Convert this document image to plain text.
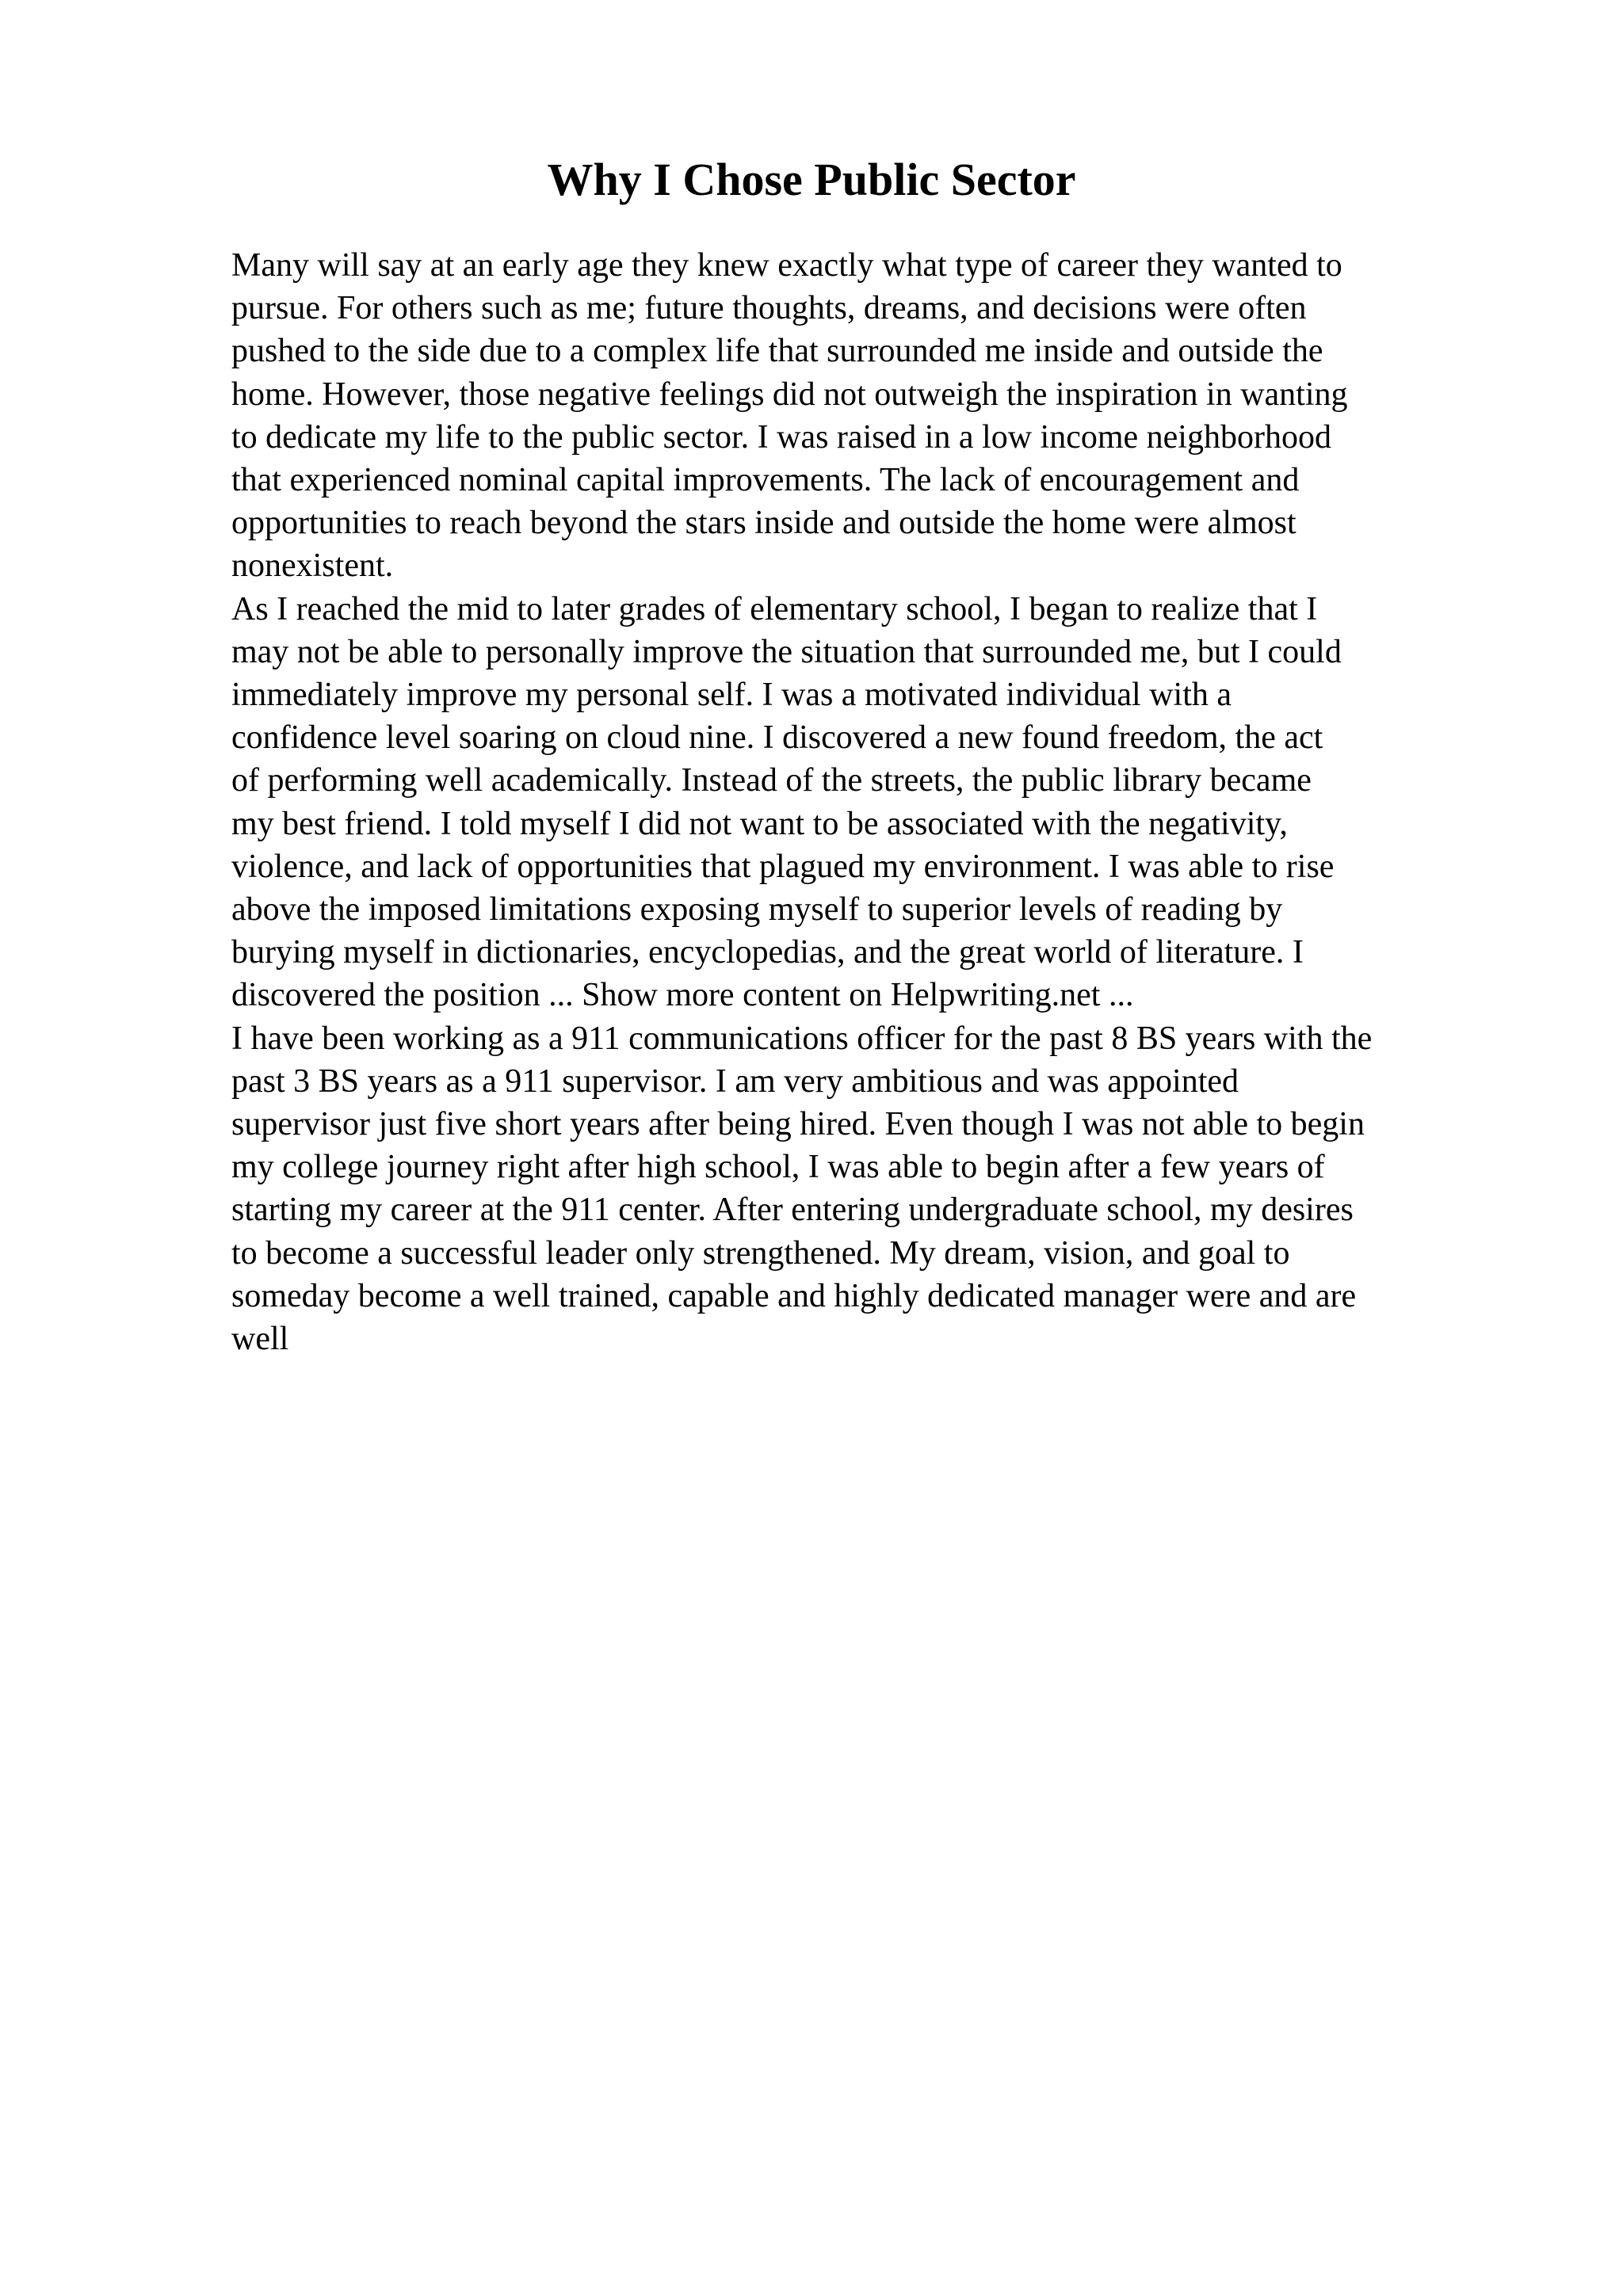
Why I Chose Public Sector
Many will say at an early age they knew exactly what type of career they wanted to
pursue. For others such as me; future thoughts, dreams, and decisions were often
pushed to the side due to a complex life that surrounded me inside and outside the
home. However, those negative feelings did not outweigh the inspiration in wanting
to dedicate my life to the public sector. I was raised in a low income neighborhood
that experienced nominal capital improvements. The lack of encouragement and
opportunities to reach beyond the stars inside and outside the home were almost
nonexistent.
As I reached the mid to later grades of elementary school, I began to realize that I
may not be able to personally improve the situation that surrounded me, but I could
immediately improve my personal self. I was a motivated individual with a
confidence level soaring on cloud nine. I discovered a new found freedom, the act
of performing well academically. Instead of the streets, the public library became
my best friend. I told myself I did not want to be associated with the negativity,
violence, and lack of opportunities that plagued my environment. I was able to rise
above the imposed limitations exposing myself to superior levels of reading by
burying myself in dictionaries, encyclopedias, and the great world of literature. I
discovered the position ... Show more content on Helpwriting.net ...
I have been working as a 911 communications officer for the past 8 BS years with the
past 3 BS years as a 911 supervisor. I am very ambitious and was appointed
supervisor just five short years after being hired. Even though I was not able to begin
my college journey right after high school, I was able to begin after a few years of
starting my career at the 911 center. After entering undergraduate school, my desires
to become a successful leader only strengthened. My dream, vision, and goal to
someday become a well trained, capable and highly dedicated manager were and are
well
